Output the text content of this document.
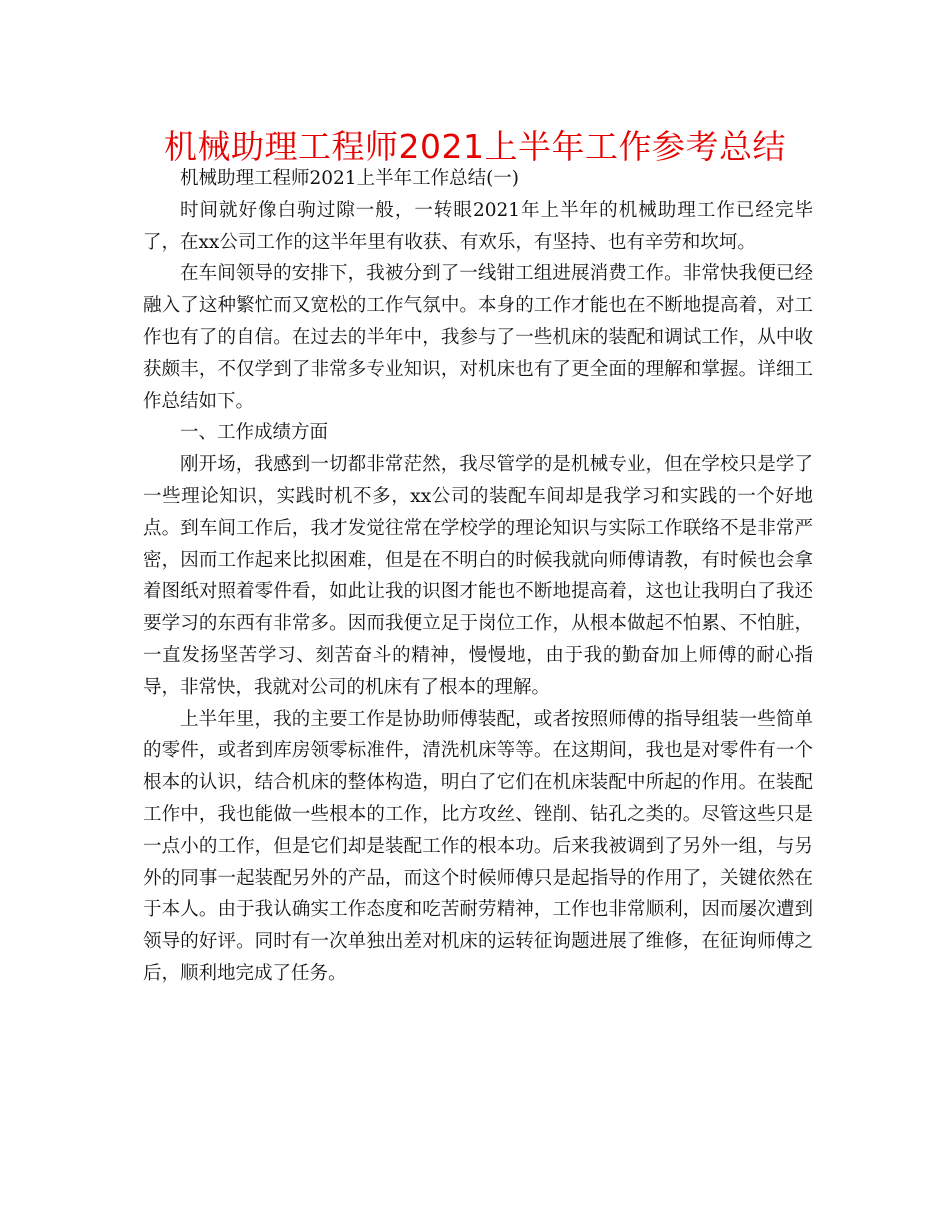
机械助理工程师2021上半年工作参考总结

机械助理工程师2021上半年工作总结(一)

时间就好像白驹过隙一般，一转眼2021年上半年的机械助理工作已经完毕了，在xx公司工作的这半年里有收获、有欢乐，有坚持、也有辛劳和坎坷。

在车间领导的安排下，我被分到了一线钳工组进展消费工作。非常快我便已经融入了这种繁忙而又宽松的工作气氛中。本身的工作才能也在不断地提高着，对工作也有了的自信。在过去的半年中，我参与了一些机床的装配和调试工作，从中收获颇丰，不仅学到了非常多专业知识，对机床也有了更全面的理解和掌握。详细工作总结如下。

一、工作成绩方面

刚开场，我感到一切都非常茫然，我尽管学的是机械专业，但在学校只是学了一些理论知识，实践时机不多，xx公司的装配车间却是我学习和实践的一个好地点。到车间工作后，我才发觉往常在学校学的理论知识与实际工作联络不是非常严密，因而工作起来比拟困难，但是在不明白的时候我就向师傅请教，有时候也会拿着图纸对照着零件看，如此让我的识图才能也不断地提高着，这也让我明白了我还要学习的东西有非常多。因而我便立足于岗位工作，从根本做起不怕累、不怕脏，一直发扬坚苦学习、刻苦奋斗的精神，慢慢地，由于我的勤奋加上师傅的耐心指导，非常快，我就对公司的机床有了根本的理解。

上半年里，我的主要工作是协助师傅装配，或者按照师傅的指导组装一些简单的零件，或者到库房领零标准件，清洗机床等等。在这期间，我也是对零件有一个根本的认识，结合机床的整体构造，明白了它们在机床装配中所起的作用。在装配工作中，我也能做一些根本的工作，比方攻丝、锉削、钻孔之类的。尽管这些只是一点小的工作，但是它们却是装配工作的根本功。后来我被调到了另外一组，与另外的同事一起装配另外的产品，而这个时候师傅只是起指导的作用了，关键依然在于本人。由于我认确实工作态度和吃苦耐劳精神，工作也非常顺利，因而屡次遭到领导的好评。同时有一次单独出差对机床的运转征询题进展了维修，在征询师傅之后，顺利地完成了任务。
